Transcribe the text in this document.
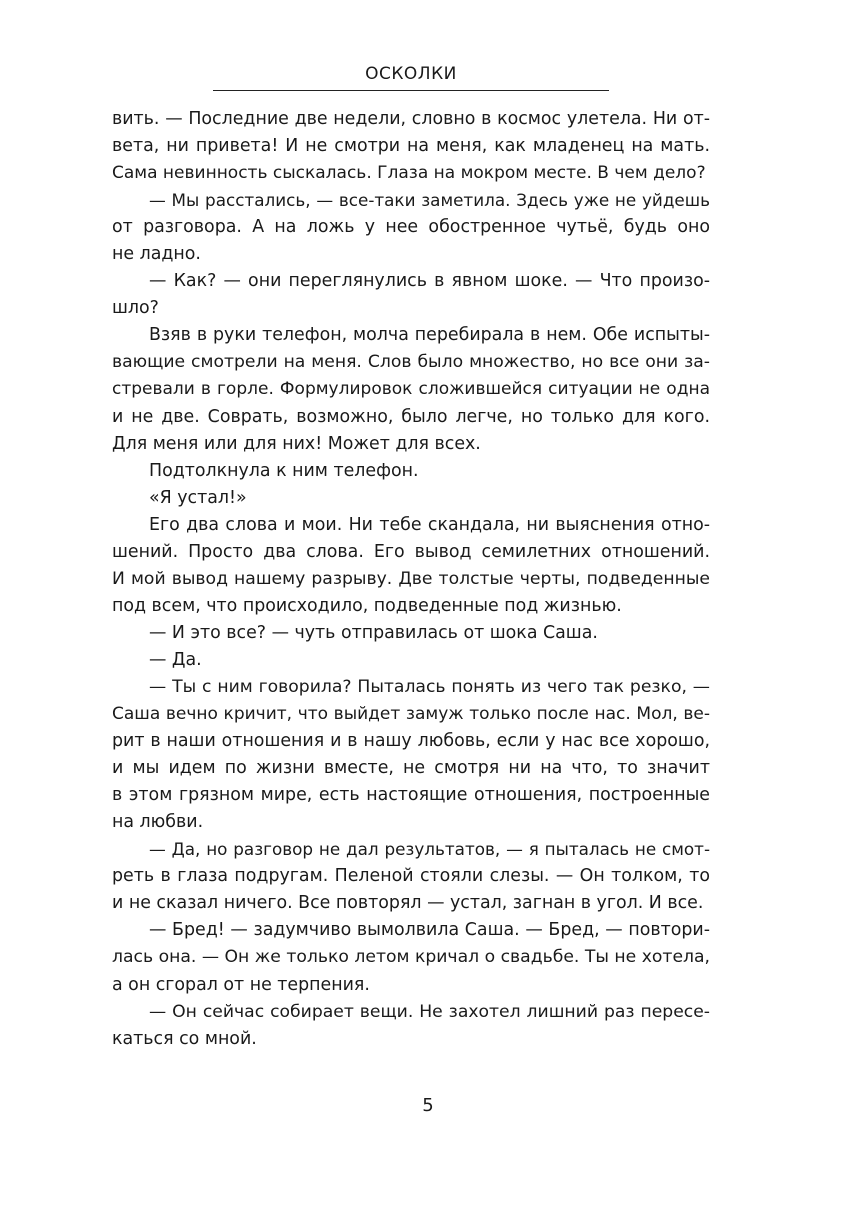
ОСКОЛКИ
вить. — Последние две недели, словно в космос улетела. Ни от-
вета, ни привета! И не смотри на меня, как младенец на мать.
Сама невинность сыскалась. Глаза на мокром месте. В чем дело?
— Мы расстались, — все-таки заметила. Здесь уже не уйдешь
от разговора. А на ложь у нее обостренное чутьё, будь оно
не ладно.
— Как? — они переглянулись в явном шоке. — Что произо-
шло?
Взяв в руки телефон, молча перебирала в нем. Обе испыты-
вающие смотрели на меня. Слов было множество, но все они за-
стревали в горле. Формулировок сложившейся ситуации не одна
и не две. Соврать, возможно, было легче, но только для кого.
Для меня или для них! Может для всех.
Подтолкнула к ним телефон.
«Я устал!»
Его два слова и мои. Ни тебе скандала, ни выяснения отно-
шений. Просто два слова. Его вывод семилетних отношений.
И мой вывод нашему разрыву. Две толстые черты, подведенные
под всем, что происходило, подведенные под жизнью.
— И это все? — чуть отправилась от шока Саша.
— Да.
— Ты с ним говорила? Пыталась понять из чего так резко, —
Саша вечно кричит, что выйдет замуж только после нас. Мол, ве-
рит в наши отношения и в нашу любовь, если у нас все хорошо,
и мы идем по жизни вместе, не смотря ни на что, то значит
в этом грязном мире, есть настоящие отношения, построенные
на любви.
— Да, но разговор не дал результатов, — я пыталась не смот-
реть в глаза подругам. Пеленой стояли слезы. — Он толком, то
и не сказал ничего. Все повторял — устал, загнан в угол. И все.
— Бред! — задумчиво вымолвила Саша. — Бред, — повтори-
лась она. — Он же только летом кричал о свадьбе. Ты не хотела,
а он сгорал от не терпения.
— Он сейчас собирает вещи. Не захотел лишний раз пересе-
каться со мной.
5
